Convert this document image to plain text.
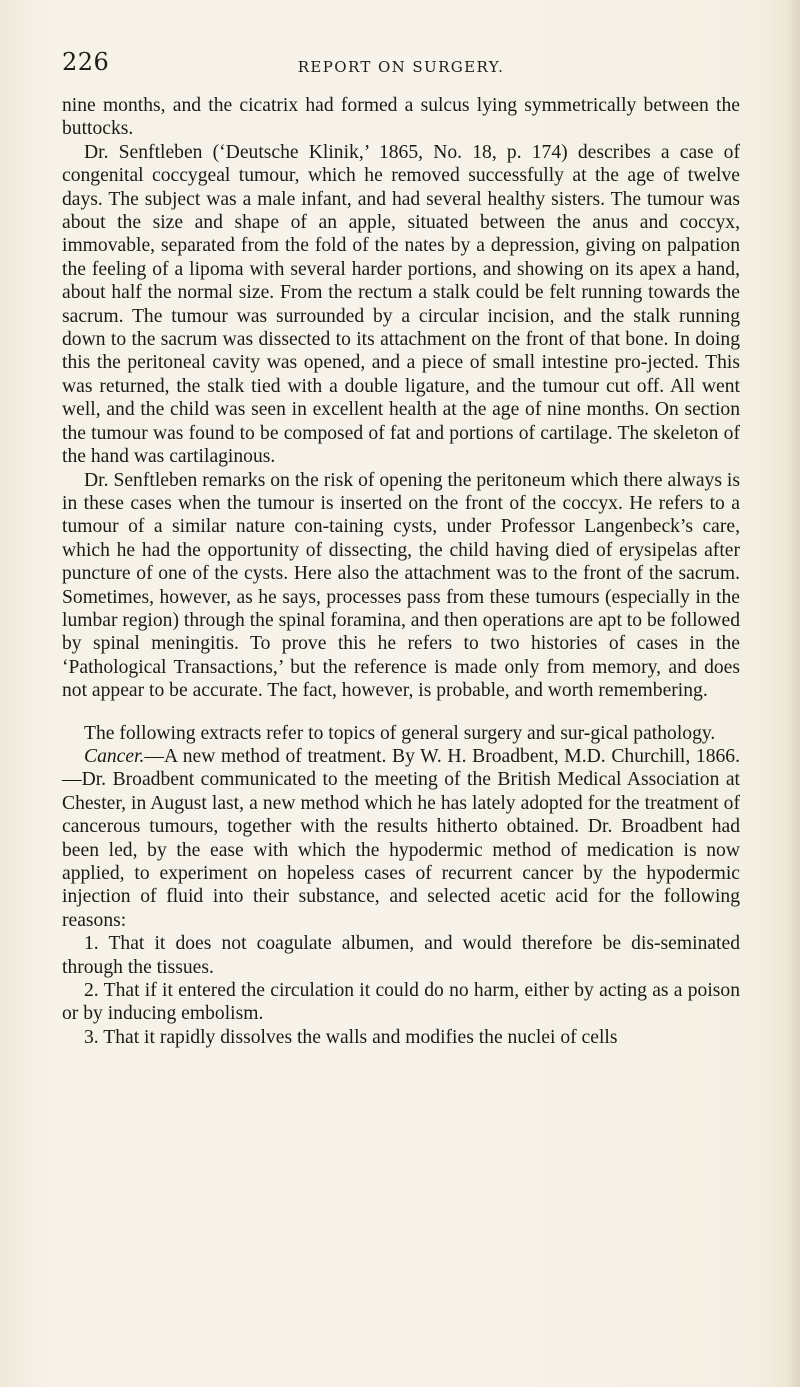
226	REPORT ON SURGERY.

nine months, and the cicatrix had formed a sulcus lying symmetrically between the buttocks.

Dr. Senftleben (‘Deutsche Klinik,’ 1865, No. 18, p. 174) describes a case of congenital coccygeal tumour, which he removed successfully at the age of twelve days. The subject was a male infant, and had several healthy sisters. The tumour was about the size and shape of an apple, situated between the anus and coccyx, immovable, separated from the fold of the nates by a depression, giving on palpation the feeling of a lipoma with several harder portions, and showing on its apex a hand, about half the normal size. From the rectum a stalk could be felt running towards the sacrum. The tumour was surrounded by a circular incision, and the stalk running down to the sacrum was dissected to its attachment on the front of that bone. In doing this the peritoneal cavity was opened, and a piece of small intestine pro-jected. This was returned, the stalk tied with a double ligature, and the tumour cut off. All went well, and the child was seen in excellent health at the age of nine months. On section the tumour was found to be composed of fat and portions of cartilage. The skeleton of the hand was cartilaginous.

Dr. Senftleben remarks on the risk of opening the peritoneum which there always is in these cases when the tumour is inserted on the front of the coccyx. He refers to a tumour of a similar nature con-taining cysts, under Professor Langenbeck’s care, which he had the opportunity of dissecting, the child having died of erysipelas after puncture of one of the cysts. Here also the attachment was to the front of the sacrum. Sometimes, however, as he says, processes pass from these tumours (especially in the lumbar region) through the spinal foramina, and then operations are apt to be followed by spinal meningitis. To prove this he refers to two histories of cases in the ‘Pathological Transactions,’ but the reference is made only from memory, and does not appear to be accurate. The fact, however, is probable, and worth remembering.

The following extracts refer to topics of general surgery and sur-gical pathology.

Cancer.—A new method of treatment. By W. H. Broadbent, M.D. Churchill, 1866.—Dr. Broadbent communicated to the meeting of the British Medical Association at Chester, in August last, a new method which he has lately adopted for the treatment of cancerous tumours, together with the results hitherto obtained. Dr. Broadbent had been led, by the ease with which the hypodermic method of medication is now applied, to experiment on hopeless cases of recurrent cancer by the hypodermic injection of fluid into their substance, and selected acetic acid for the following reasons:

1. That it does not coagulate albumen, and would therefore be dis-seminated through the tissues.

2. That if it entered the circulation it could do no harm, either by acting as a poison or by inducing embolism.

3. That it rapidly dissolves the walls and modifies the nuclei of cells
